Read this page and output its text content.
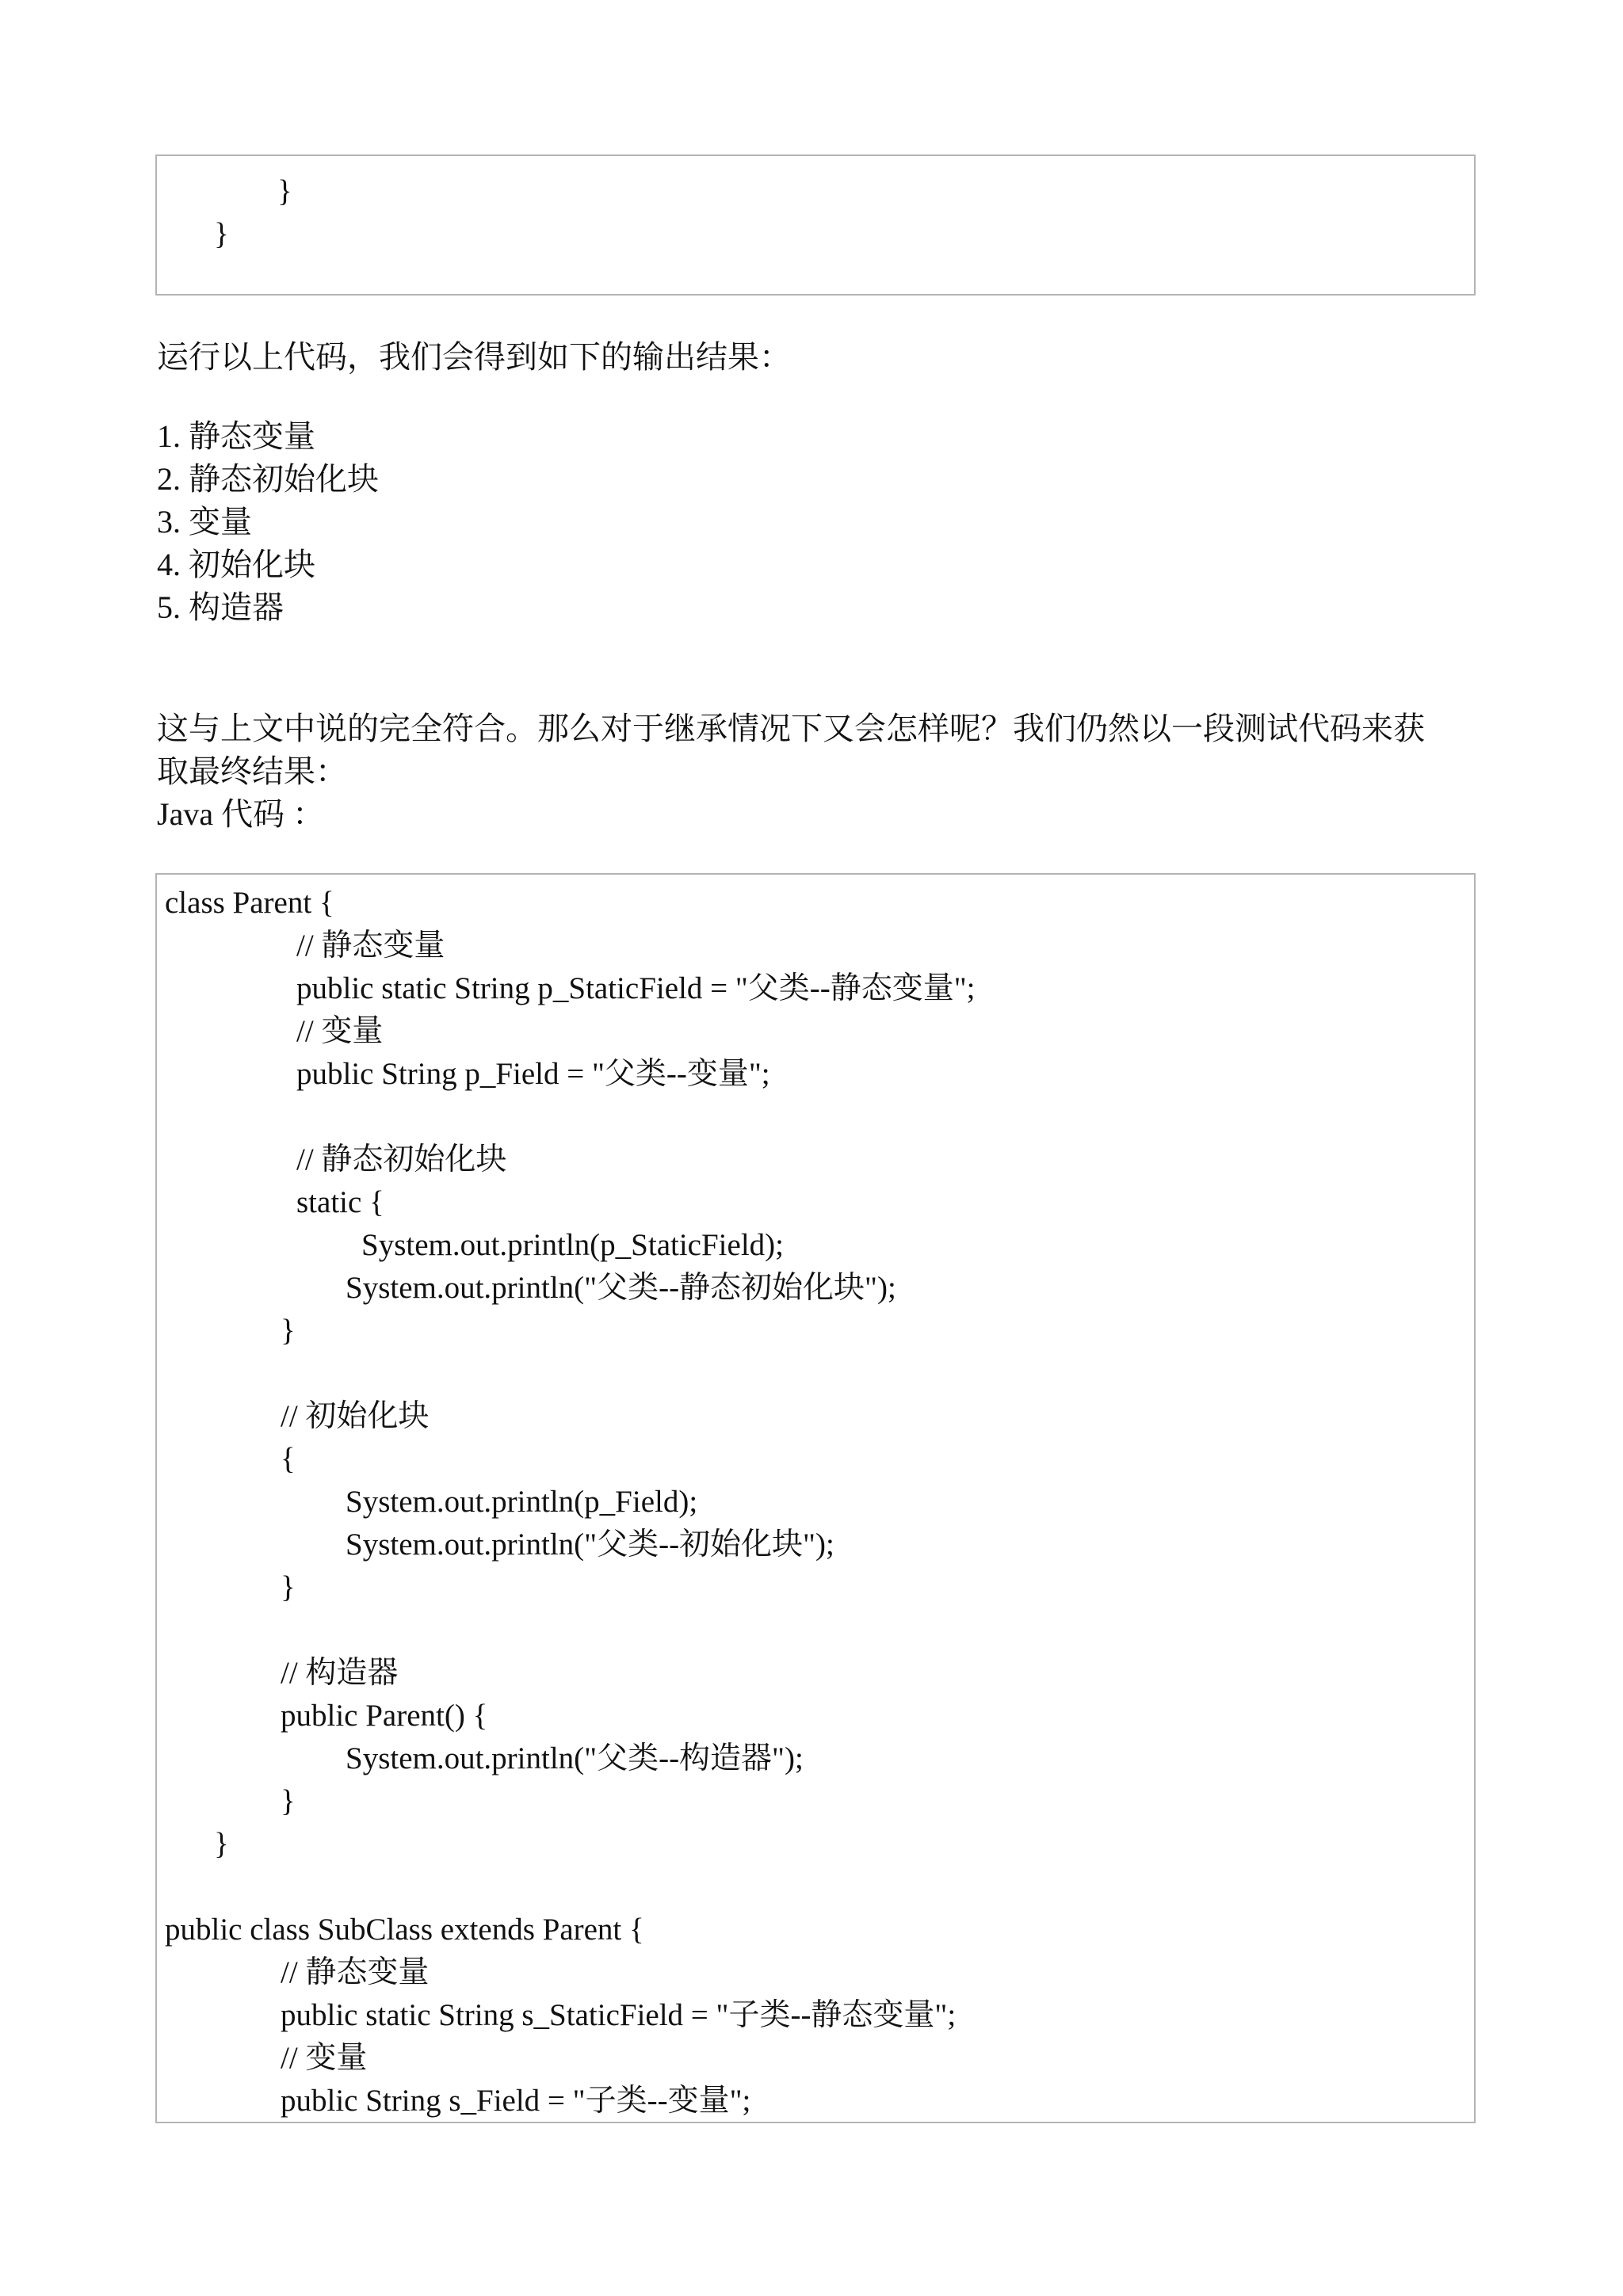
}

}

运行以上代码，我们会得到如下的输出结果：

1. 静态变量

2. 静态初始化块

3. 变量

4. 初始化块

5. 构造器

这与上文中说的完全符合。那么对于继承情况下又会怎样呢？我们仍然以一段测试代码来获

取最终结果：

Java 代码 ：

class Parent {

// 静态变量

public static String p_StaticField = "父类--静态变量";

// 变量

public String p_Field = "父类--变量";

// 静态初始化块

static {

System.out.println(p_StaticField);

System.out.println("父类--静态初始化块");

}

// 初始化块

{

System.out.println(p_Field);

System.out.println("父类--初始化块");

}

// 构造器

public Parent() {

System.out.println("父类--构造器");

}

}

public class SubClass extends Parent {

// 静态变量

public static String s_StaticField = "子类--静态变量";

// 变量

public String s_Field = "子类--变量";
